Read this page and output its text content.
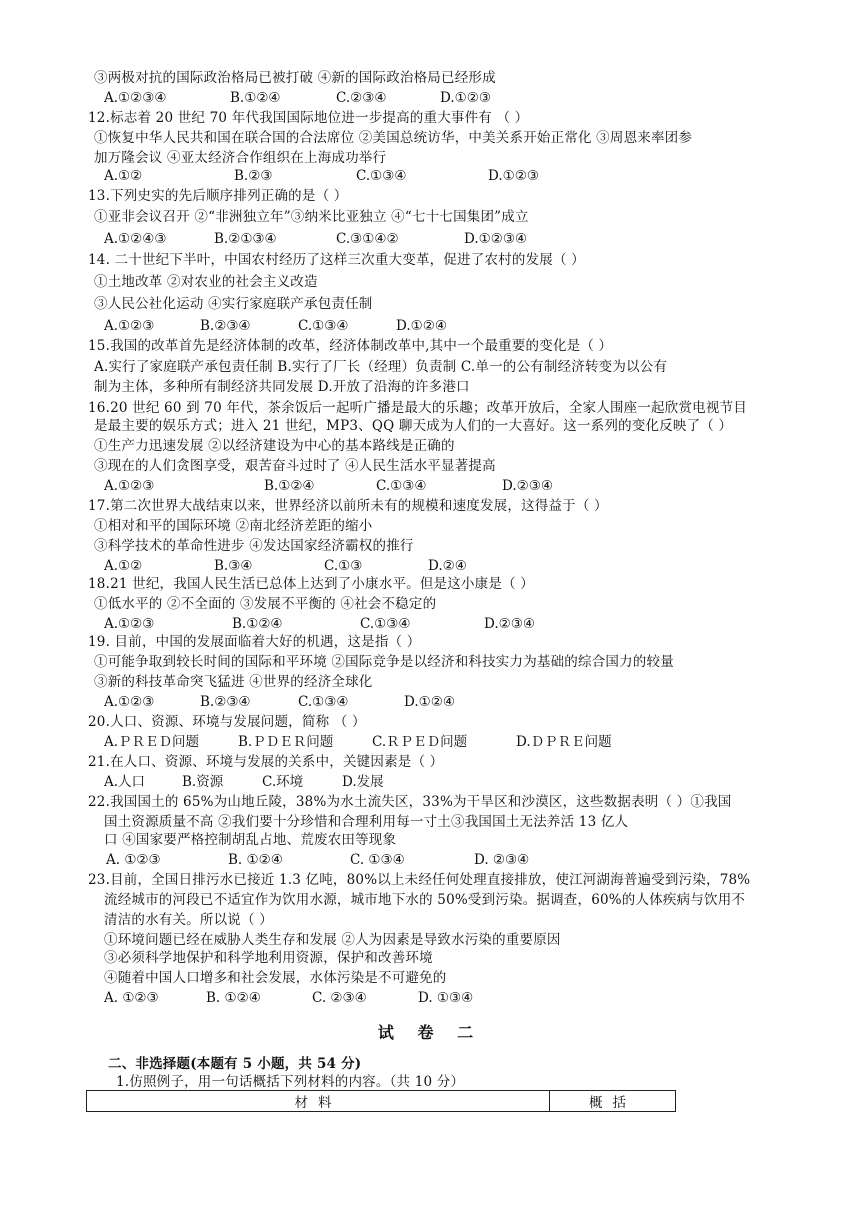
③两极对抗的国际政治格局已被打破 ④新的国际政治格局已经形成
A.①②③④	B.①②④	C.②③④	D.①②③
12.标志着 20 世纪 70 年代我国国际地位进一步提高的重大事件有 （ ）
①恢复中华人民共和国在联合国的合法席位 ②美国总统访华，中美关系开始正常化 ③周恩来率团参
加万隆会议 ④亚太经济合作组织在上海成功举行
A.①②	B.②③	C.①③④	D.①②③
13.下列史实的先后顺序排列正确的是（ ）
①亚非会议召开 ②“非洲独立年”③纳米比亚独立 ④“七十七国集团”成立
A.①②④③	B.②①③④	C.③①④②	D.①②③④
14. 二十世纪下半叶，中国农村经历了这样三次重大变革，促进了农村的发展（ ）
①土地改革 ②对农业的社会主义改造
③人民公社化运动 ④实行家庭联产承包责任制
A.①②③	B.②③④	C.①③④	D.①②④
15.我国的改革首先是经济体制的改革，经济体制改革中,其中一个最重要的变化是（ ）
A.实行了家庭联产承包责任制 B.实行了厂长（经理）负责制 C.单一的公有制经济转变为以公有
制为主体，多种所有制经济共同发展 D.开放了沿海的许多港口
16.20 世纪 60 到 70 年代，茶余饭后一起听广播是最大的乐趣；改革开放后，全家人围座一起欣赏电视节目
是最主要的娱乐方式；进入 21 世纪，MP3、QQ 聊天成为人们的一大喜好。这一系列的变化反映了（ ）
①生产力迅速发展 ②以经济建设为中心的基本路线是正确的
③现在的人们贪图享受，艰苦奋斗过时了 ④人民生活水平显著提高
A.①②③	B.①②④	C.①③④	D.②③④
17.第二次世界大战结束以来，世界经济以前所未有的规模和速度发展，这得益于（ ）
①相对和平的国际环境 ②南北经济差距的缩小
③科学技术的革命性进步 ④发达国家经济霸权的推行
A.①②	B.③④	C.①③	D.②④
18.21 世纪，我国人民生活已总体上达到了小康水平。但是这小康是（ ）
①低水平的 ②不全面的 ③发展不平衡的 ④社会不稳定的
A.①②③	B.①②④	C.①③④	D.②③④
19. 目前，中国的发展面临着大好的机遇，这是指（ ）
①可能争取到较长时间的国际和平环境 ②国际竞争是以经济和科技实力为基础的综合国力的较量
③新的科技革命突飞猛进 ④世界的经济全球化
A.①②③	B.②③④	C.①③④	D.①②④
20.人口、资源、环境与发展问题，简称 （ ）
A.ＰＲＥＤ问题	B.ＰＤＥＲ问题	C.ＲＰＥＤ问题	D.ＤＰＲＥ问题
21.在人口、资源、环境与发展的关系中，关键因素是（ ）
A.人口	B.资源	C.环境	D.发展
22.我国国土的 65%为山地丘陵，38%为水土流失区，33%为干旱区和沙漠区，这些数据表明（ ）①我国
国土资源质量不高 ②我们要十分珍惜和合理利用每一寸土③我国国土无法养活 13 亿人
口 ④国家要严格控制胡乱占地、荒废农田等现象
A. ①②③	B. ①②④	C. ①③④	D. ②③④
23.目前，全国日排污水已接近 1.3 亿吨，80%以上未经任何处理直接排放，使江河湖海普遍受到污染，78%
流经城市的河段已不适宜作为饮用水源，城市地下水的 50%受到污染。据调查，60%的人体疾病与饮用不
清洁的水有关。所以说（ ）
①环境问题已经在威胁人类生存和发展 ②人为因素是导致水污染的重要原因
③必须科学地保护和科学地利用资源，保护和改善环境
④随着中国人口增多和社会发展，水体污染是不可避免的
A. ①②③	B. ①②④	C. ②③④	D. ①③④
试 卷 二
二、非选择题(本题有 5 小题，共 54 分)
1.仿照例子，用一句话概括下列材料的内容。（共 10 分）
材料	概括
